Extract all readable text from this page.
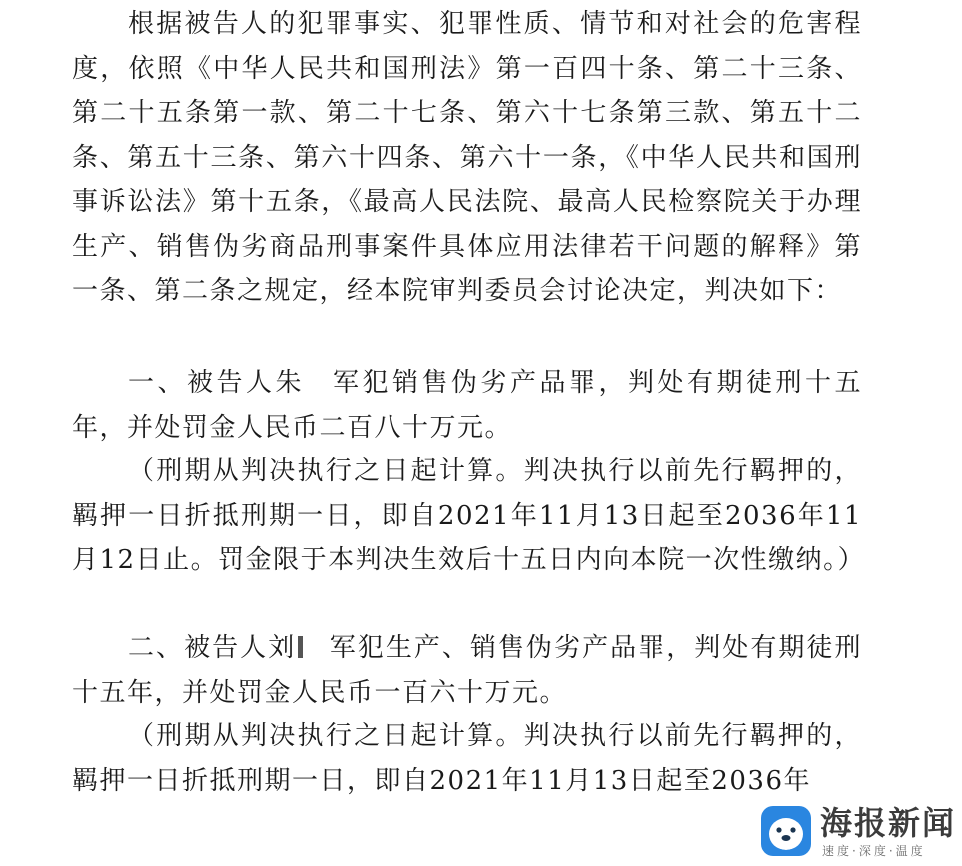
根据被告人的犯罪事实、犯罪性质、情节和对社会的危害程度，依照《中华人民共和国刑法》第一百四十条、第二十三条、第二十五条第一款、第二十七条、第六十七条第三款、第五十二条、第五十三条、第六十四条、第六十一条，《中华人民共和国刑事诉讼法》第十五条，《最高人民法院、最高人民检察院关于办理生产、销售伪劣商品刑事案件具体应用法律若干问题的解释》第一条、第二条之规定，经本院审判委员会讨论决定，判决如下：

一、被告人朱 军犯销售伪劣产品罪，判处有期徒刑十五年，并处罚金人民币二百八十万元。

（刑期从判决执行之日起计算。判决执行以前先行羁押的，羁押一日折抵刑期一日，即自2021年11月13日起至2036年11月12日止。罚金限于本判决生效后十五日内向本院一次性缴纳。）

二、被告人刘 军犯生产、销售伪劣产品罪，判处有期徒刑十五年，并处罚金人民币一百六十万元。

（刑期从判决执行之日起计算。判决执行以前先行羁押的，羁押一日折抵刑期一日，即自2021年11月13日起至2036年

海报新闻
速度·深度·温度
